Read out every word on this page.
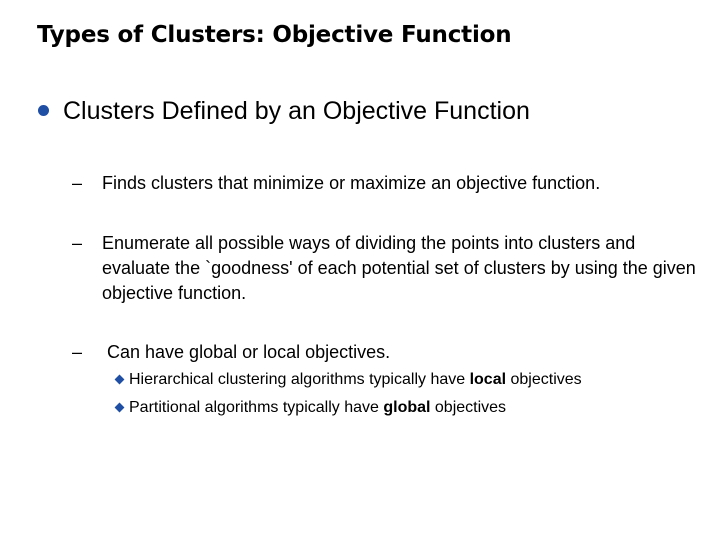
Types of Clusters: Objective Function
Clusters Defined by an Objective Function
–	Finds clusters that minimize or maximize an objective function.
–	Enumerate all possible ways of dividing the points into clusters and evaluate the `goodness' of each potential set of clusters by using the given objective function.
–	Can have global or local objectives.
Hierarchical clustering algorithms typically have local objectives
Partitional algorithms typically have global objectives
